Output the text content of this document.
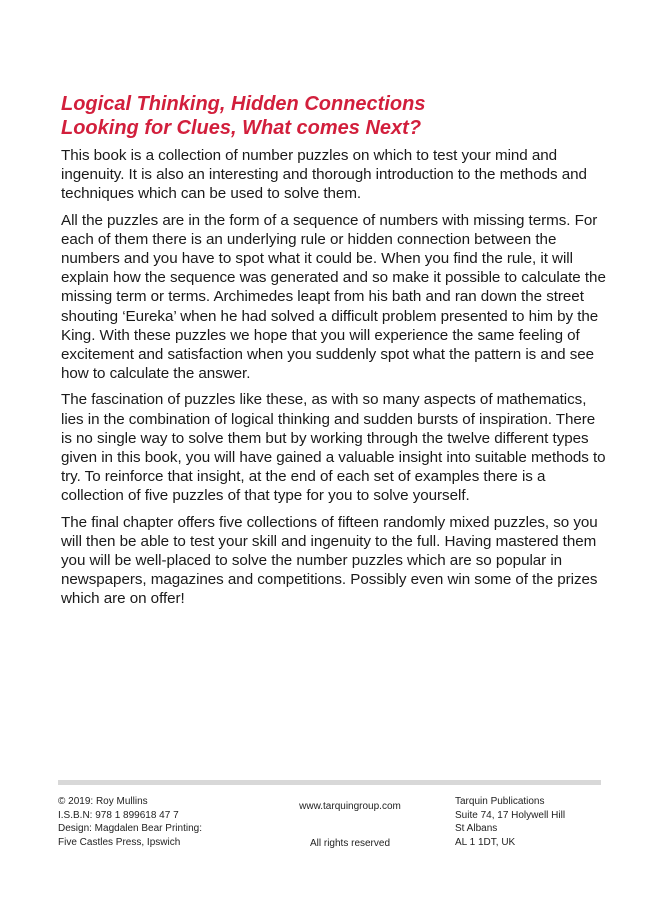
Logical Thinking, Hidden Connections
Looking for Clues, What comes Next?

This book is a collection of number puzzles on which to test your mind and ingenuity. It is also an interesting and thorough introduction to the methods and techniques which can be used to solve them.

All the puzzles are in the form of a sequence of numbers with missing terms. For each of them there is an underlying rule or hidden connection between the numbers and you have to spot what it could be. When you find the rule, it will explain how the sequence was generated and so make it possible to calculate the missing term or terms. Archimedes leapt from his bath and ran down the street shouting ‘Eureka’ when he had solved a difficult problem presented to him by the King. With these puzzles we hope that you will experience the same feeling of excitement and satisfaction when you suddenly spot what the pattern is and see how to calculate the answer.

The fascination of puzzles like these, as with so many aspects of mathematics, lies in the combination of logical thinking and sudden bursts of inspiration. There is no single way to solve them but by working through the twelve different types given in this book, you will have gained a valuable insight into suitable methods to try. To reinforce that insight, at the end of each set of examples there is a collection of five puzzles of that type for you to solve yourself.

The final chapter offers five collections of fifteen randomly mixed puzzles, so you will then be able to test your skill and ingenuity to the full. Having mastered them you will be well-placed to solve the number puzzles which are so popular in newspapers, magazines and competitions. Possibly even win some of the prizes which are on offer!

© 2019: Roy Mullins
I.S.B.N: 978 1 899618 47 7
Design: Magdalen Bear Printing:
Five Castles Press, Ipswich
www.tarquingroup.com
All rights reserved
Tarquin Publications
Suite 74, 17 Holywell Hill
St Albans
AL 1 1DT, UK
